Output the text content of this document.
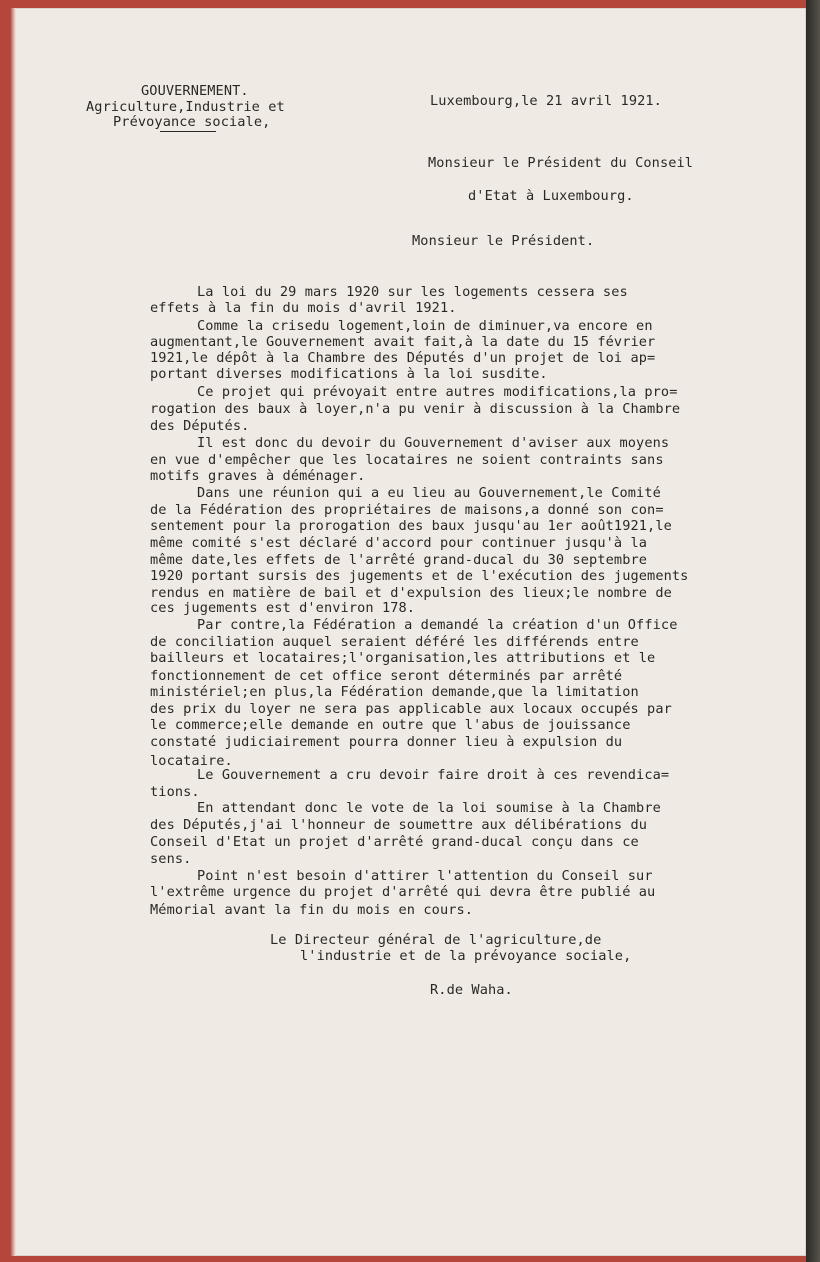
GOUVERNEMENT.
Agriculture,Industrie et
Prévoyance sociale,
Luxembourg,le 21 avril 1921.
Monsieur le Président du Conseil
d'Etat à Luxembourg.
Monsieur le Président.
La loi du 29 mars 1920 sur les logements cessera ses
effets à la fin du mois d'avril 1921.
Comme la crisedu logement,loin de diminuer,va encore en
augmentant,le Gouvernement avait fait,à la date du 15 février
1921,le dépôt à la Chambre des Députés d'un projet de loi ap=
portant diverses modifications à la loi susdite.
Ce projet qui prévoyait entre autres modifications,la pro=
rogation des baux à loyer,n'a pu venir à discussion à la Chambre
des Députés.
Il est donc du devoir du Gouvernement d'aviser aux moyens
en vue d'empêcher que les locataires ne soient contraints sans
motifs graves à déménager.
Dans une réunion qui a eu lieu au Gouvernement,le Comité
de la Fédération des propriétaires de maisons,a donné son con=
sentement pour la prorogation des baux jusqu'au 1er août1921,le
même comité s'est déclaré d'accord pour continuer jusqu'à la
même date,les effets de l'arrêté grand-ducal du 30 septembre
1920 portant sursis des jugements et de l'exécution des jugements
rendus en matière de bail et d'expulsion des lieux;le nombre de
ces jugements est d'environ 178.
Par contre,la Fédération a demandé la création d'un Office
de conciliation auquel seraient déféré les différends entre
bailleurs et locataires;l'organisation,les attributions et le
fonctionnement de cet office seront déterminés par arrêté
ministériel;en plus,la Fédération demande,que la limitation
des prix du loyer ne sera pas applicable aux locaux occupés par
le commerce;elle demande en outre que l'abus de jouissance
constaté judiciairement pourra donner lieu à expulsion du
locataire.
Le Gouvernement a cru devoir faire droit à ces revendica=
tions.
En attendant donc le vote de la loi soumise à la Chambre
des Députés,j'ai l'honneur de soumettre aux délibérations du
Conseil d'Etat un projet d'arrêté grand-ducal conçu dans ce
sens.
Point n'est besoin d'attirer l'attention du Conseil sur
l'extrême urgence du projet d'arrêté qui devra être publié au
Mémorial avant la fin du mois en cours.
Le Directeur général de l'agriculture,de
l'industrie et de la prévoyance sociale,
R.de Waha.
